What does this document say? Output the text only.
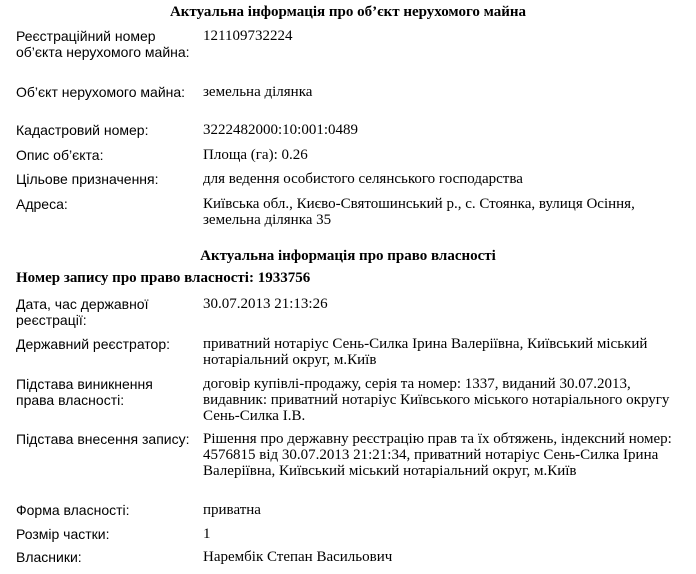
Актуальна інформація про об’єкт нерухомого майна
Реєстраційний номер об’єкта нерухомого майна:
121109732224
Об’єкт нерухомого майна:	земельна ділянка
Кадастровий номер:	3222482000:10:001:0489
Опис об’єкта:	Площа (га): 0.26
Цільове призначення:	для ведення особистого селянського господарства
Адреса:	Київська обл., Києво-Святошинський р., с. Стоянка, вулиця Осіння, земельна ділянка 35
Актуальна інформація про право власності
Номер запису про право власності: 1933756
Дата, час державної реєстрації:
30.07.2013 21:13:26
Державний реєстратор:	приватний нотаріус Сень-Силка Ірина Валеріївна, Київський міський нотаріальний округ, м.Київ
Підстава виникнення права власності:
договір купівлі-продажу, серія та номер: 1337, виданий 30.07.2013, видавник: приватний нотаріус Київського міського нотаріального округу Сень-Силка І.В.
Підстава внесення запису: Рішення про державну реєстрацію прав та їх обтяжень, індексний номер: 4576815 від 30.07.2013 21:21:34, приватний нотаріус Сень-Силка Ірина Валеріївна, Київський міський нотаріальний округ, м.Київ
Форма власності:	приватна
Розмір частки:	1
Власники:	Нарембік Степан Васильович
